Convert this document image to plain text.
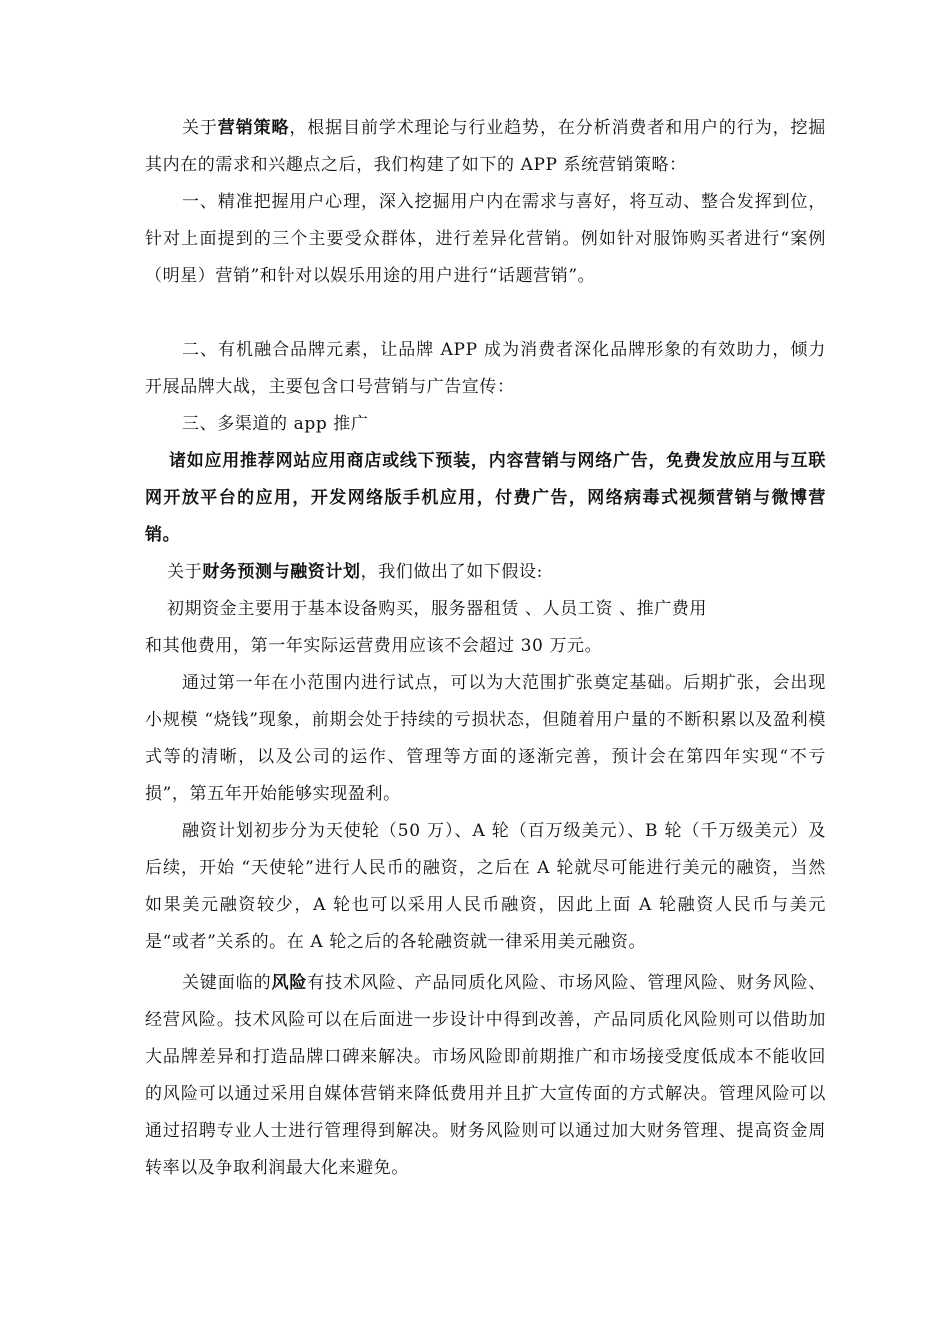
关于营销策略，根据目前学术理论与行业趋势，在分析消费者和用户的行为，挖掘其内在的需求和兴趣点之后，我们构建了如下的 APP 系统营销策略：

一、精准把握用户心理，深入挖掘用户内在需求与喜好，将互动、整合发挥到位，针对上面提到的三个主要受众群体，进行差异化营销。例如针对服饰购买者进行“案例（明星）营销”和针对以娱乐用途的用户进行“话题营销”。

二、有机融合品牌元素，让品牌 APP 成为消费者深化品牌形象的有效助力，倾力开展品牌大战，主要包含口号营销与广告宣传：

三、多渠道的 app 推广

诸如应用推荐网站应用商店或线下预装，内容营销与网络广告，免费发放应用与互联网开放平台的应用，开发网络版手机应用，付费广告，网络病毒式视频营销与微博营销。

关于财务预测与融资计划，我们做出了如下假设:

初期资金主要用于基本设备购买，服务器租赁 、人员工资 、推广费用

和其他费用，第一年实际运营费用应该不会超过 30 万元。

通过第一年在小范围内进行试点，可以为大范围扩张奠定基础。后期扩张，会出现小规模 “烧钱”现象，前期会处于持续的亏损状态，但随着用户量的不断积累以及盈利模式等的清晰，以及公司的运作、管理等方面的逐渐完善，预计会在第四年实现“不亏损”，第五年开始能够实现盈利。

融资计划初步分为天使轮（50 万）、A 轮（百万级美元）、B 轮（千万级美元）及后续，开始 “天使轮”进行人民币的融资，之后在 A 轮就尽可能进行美元的融资，当然如果美元融资较少，A 轮也可以采用人民币融资，因此上面 A 轮融资人民币与美元是“或者”关系的。在 A 轮之后的各轮融资就一律采用美元融资。

关键面临的风险有技术风险、产品同质化风险、市场风险、管理风险、财务风险、经营风险。技术风险可以在后面进一步设计中得到改善，产品同质化风险则可以借助加大品牌差异和打造品牌口碑来解决。市场风险即前期推广和市场接受度低成本不能收回的风险可以通过采用自媒体营销来降低费用并且扩大宣传面的方式解决。管理风险可以通过招聘专业人士进行管理得到解决。财务风险则可以通过加大财务管理、提高资金周转率以及争取利润最大化来避免。
